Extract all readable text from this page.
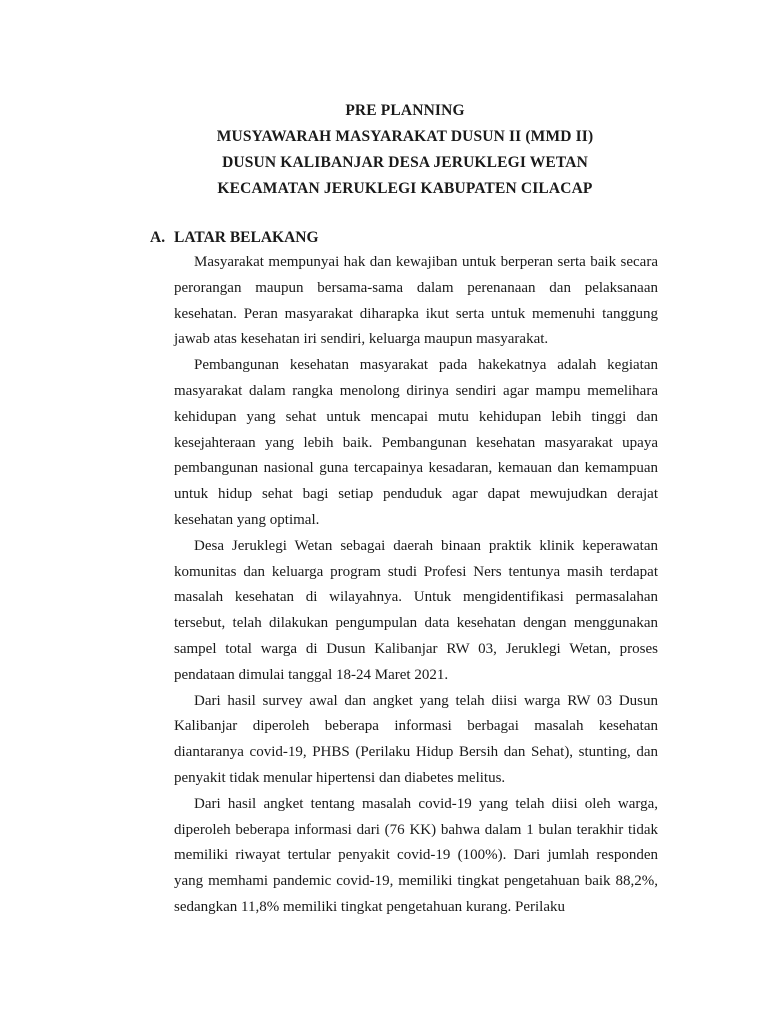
PRE PLANNING
MUSYAWARAH MASYARAKAT DUSUN II (MMD II)
DUSUN KALIBANJAR DESA JERUKLEGI WETAN
KECAMATAN JERUKLEGI KABUPATEN CILACAP
A. LATAR BELAKANG

Masyarakat mempunyai hak dan kewajiban untuk berperan serta baik secara perorangan maupun bersama-sama dalam perenanaan dan pelaksanaan kesehatan. Peran masyarakat diharapka ikut serta untuk memenuhi tanggung jawab atas kesehatan iri sendiri, keluarga maupun masyarakat.

Pembangunan kesehatan masyarakat pada hakekatnya adalah kegiatan masyarakat dalam rangka menolong dirinya sendiri agar mampu memelihara kehidupan yang sehat untuk mencapai mutu kehidupan lebih tinggi dan kesejahteraan yang lebih baik. Pembangunan kesehatan masyarakat upaya pembangunan nasional guna tercapainya kesadaran, kemauan dan kemampuan untuk hidup sehat bagi setiap penduduk agar dapat mewujudkan derajat kesehatan yang optimal.

Desa Jeruklegi Wetan sebagai daerah binaan praktik klinik keperawatan komunitas dan keluarga program studi Profesi Ners tentunya masih terdapat masalah kesehatan di wilayahnya. Untuk mengidentifikasi permasalahan tersebut, telah dilakukan pengumpulan data kesehatan dengan menggunakan sampel total warga di Dusun Kalibanjar RW 03, Jeruklegi Wetan, proses pendataan dimulai tanggal 18-24 Maret 2021.

Dari hasil survey awal dan angket yang telah diisi warga RW 03 Dusun Kalibanjar diperoleh beberapa informasi berbagai masalah kesehatan diantaranya covid-19, PHBS (Perilaku Hidup Bersih dan Sehat), stunting, dan penyakit tidak menular hipertensi dan diabetes melitus.

Dari hasil angket tentang masalah covid-19 yang telah diisi oleh warga, diperoleh beberapa informasi dari (76 KK) bahwa dalam 1 bulan terakhir tidak memiliki riwayat tertular penyakit covid-19 (100%). Dari jumlah responden yang memhami pandemic covid-19, memiliki tingkat pengetahuan baik 88,2%, sedangkan 11,8% memiliki tingkat pengetahuan kurang. Perilaku
